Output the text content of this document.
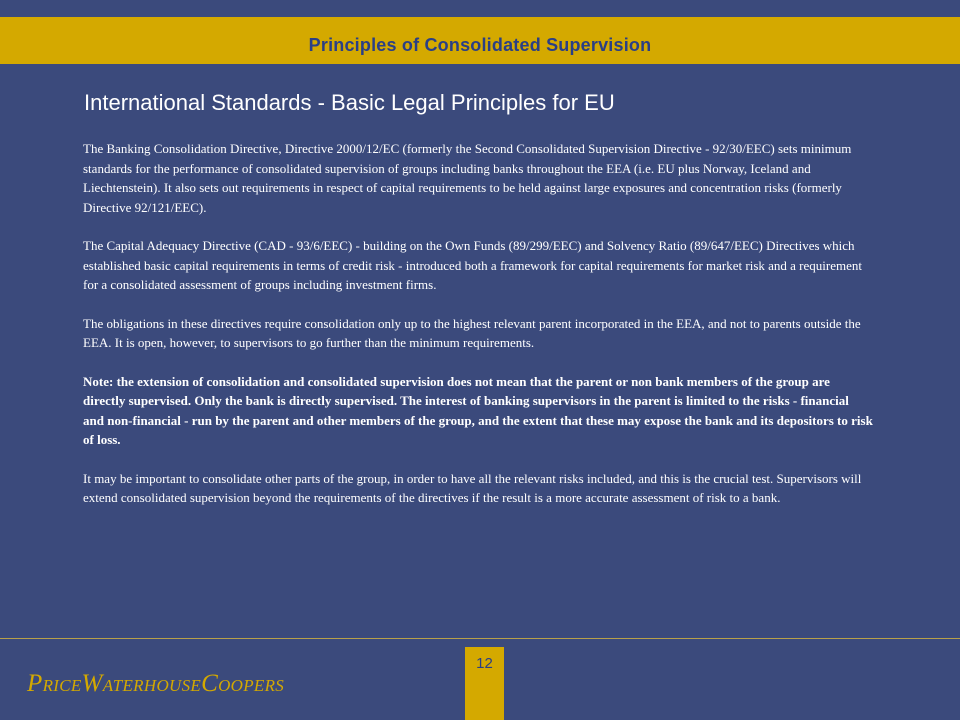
Principles of Consolidated Supervision
International Standards - Basic Legal Principles for EU

The Banking Consolidation Directive, Directive 2000/12/EC (formerly the Second Consolidated Supervision Directive - 92/30/EEC) sets minimum standards for the performance of consolidated supervision of groups including banks throughout the EEA (i.e. EU plus Norway, Iceland and Liechtenstein). It also sets out requirements in respect of capital requirements to be held against large exposures and concentration risks (formerly Directive 92/121/EEC).

The Capital Adequacy Directive (CAD - 93/6/EEC) - building on the Own Funds (89/299/EEC) and Solvency Ratio (89/647/EEC) Directives which established basic capital requirements in terms of credit risk - introduced both a framework for capital requirements for market risk and a requirement for a consolidated assessment of groups including investment firms.

The obligations in these directives require consolidation only up to the highest relevant parent incorporated in the EEA, and not to parents outside the EEA. It is open, however, to supervisors to go further than the minimum requirements.

Note: the extension of consolidation and consolidated supervision does not mean that the parent or non bank members of the group are directly supervised. Only the bank is directly supervised. The interest of banking supervisors in the parent is limited to the risks - financial and non-financial - run by the parent and other members of the group, and the extent that these may expose the bank and its depositors to risk of loss.

It may be important to consolidate other parts of the group, in order to have all the relevant risks included, and this is the crucial test. Supervisors will extend consolidated supervision beyond the requirements of the directives if the result is a more accurate assessment of risk to a bank.

12
PRICEWATERHOUSECOOPERS
